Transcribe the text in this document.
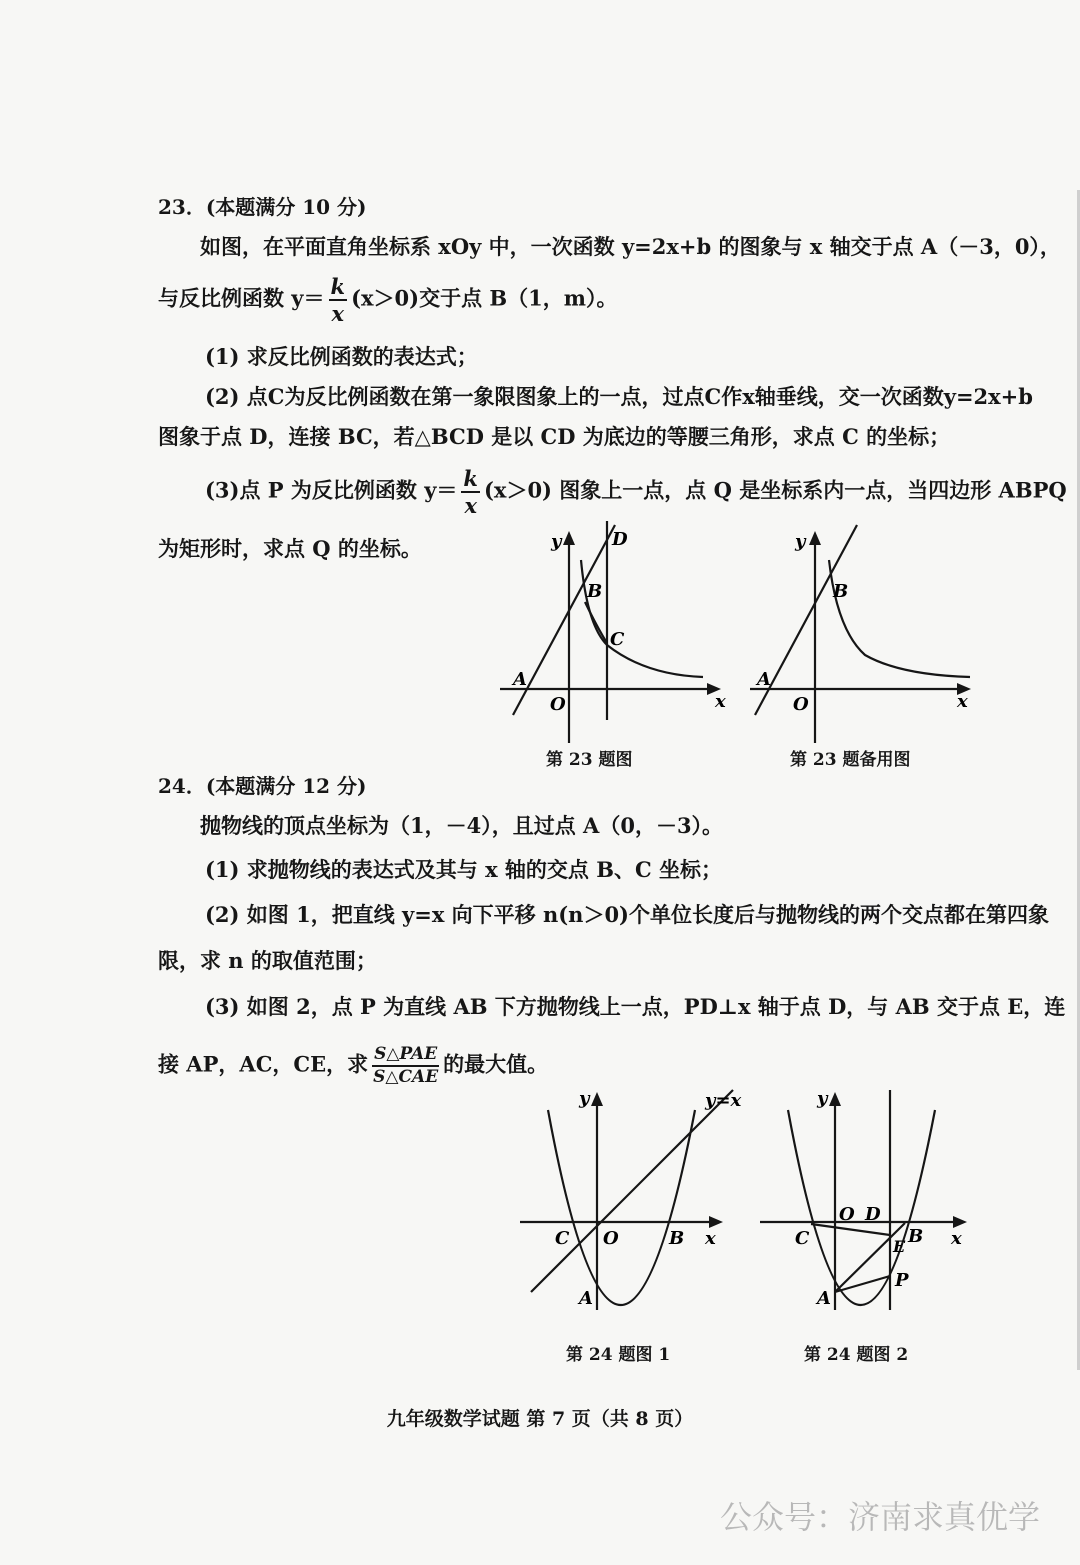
23．(本题满分 10 分)
如图，在平面直角坐标系 xOy 中，一次函数 y=2x+b 的图象与 x 轴交于点 A（－3，0），
与反比例函数 $y= \frac{k}{x} (x>0)$交于点 B（1，m）。
(1) 求反比例函数的表达式；
(2) 点C为反比例函数在第一象限图象上的一点，过点C作x轴垂线，交一次函数y=2x+b
图象于点 D，连接 BC，若△BCD 是以 CD 为底边的等腰三角形，求点 C 的坐标；
(3)点 P 为反比例函数 $y= \frac{k}{x} (x>0)$ 图象上一点，点 Q 是坐标系内一点，当四边形 ABPQ
为矩形时，求点 Q 的坐标。	y
x
O
A
B
C
D
第 23 题图
y
x
O
A
B
第 23 题备用图
24．(本题满分 12 分)
抛物线的顶点坐标为（1，－4），且过点 A（0，－3）。
(1) 求抛物线的表达式及其与 x 轴的交点 B、C 坐标；
(2) 如图 1，把直线 y=x 向下平移 n(n＞0)个单位长度后与抛物线的两个交点都在第四象
限，求 n 的取值范围；
(3) 如图 2，点 P 为直线 AB 下方抛物线上一点，PD⊥x 轴于点 D，与 AB 交于点 E，连
接 AP，AC，CE，求 $\frac{\text{S△PAE}}{\text{S△CAE}}$ 的最大值。
y
x
O
C	B
A
y=x
第 24 题图 1
y
x
O D
C	B
E
P
A
第 24 题图 2
九年级数学试题 第 7 页（共 8 页）
公众号：济南求真优学
